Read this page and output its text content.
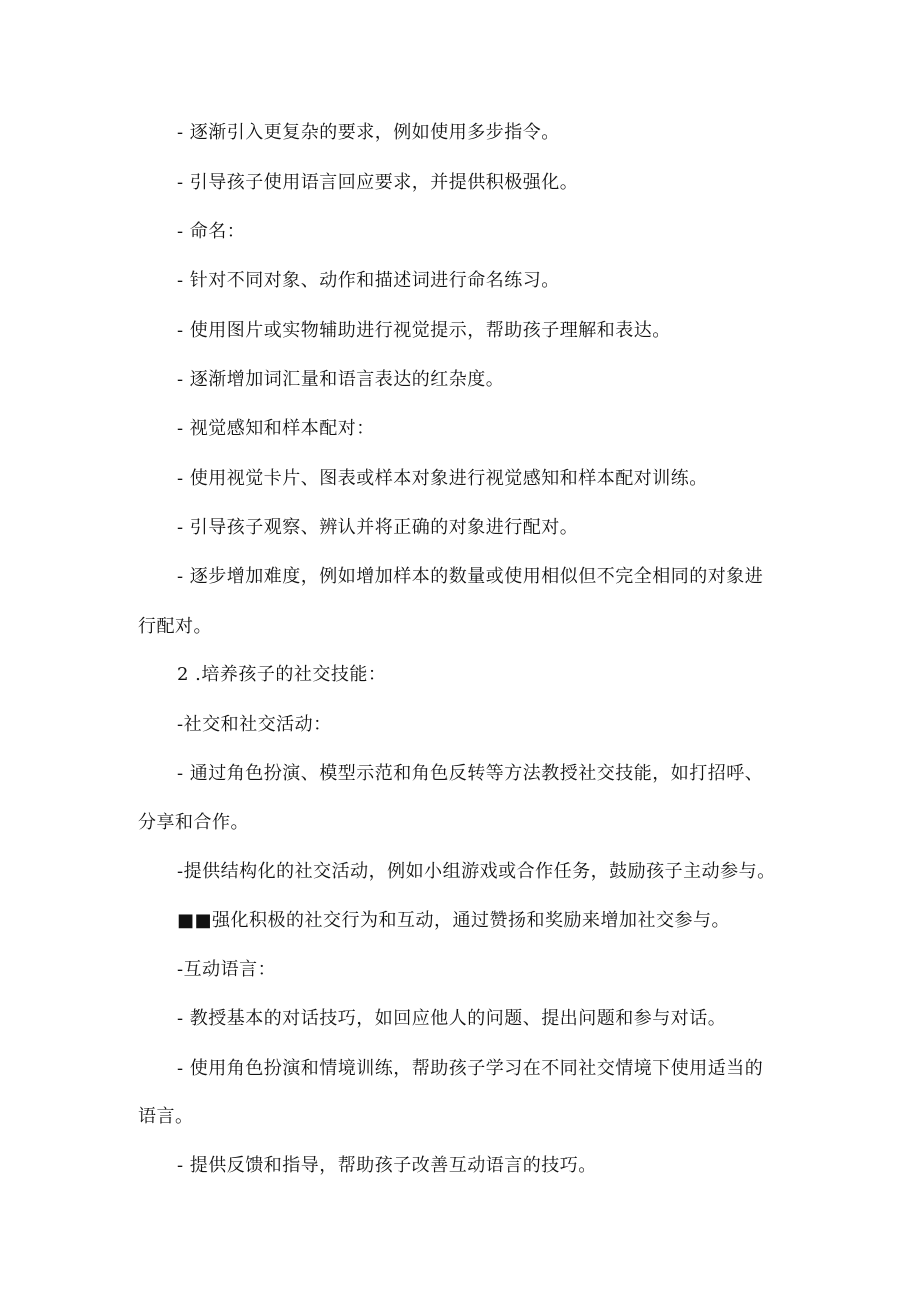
- 逐渐引入更复杂的要求，例如使用多步指令。
- 引导孩子使用语言回应要求，并提供积极强化。
- 命名：
- 针对不同对象、动作和描述词进行命名练习。
- 使用图片或实物辅助进行视觉提示，帮助孩子理解和表达。
- 逐渐增加词汇量和语言表达的红杂度。
- 视觉感知和样本配对：
- 使用视觉卡片、图表或样本对象进行视觉感知和样本配对训练。
- 引导孩子观察、辨认并将正确的对象进行配对。
- 逐步增加难度，例如增加样本的数量或使用相似但不完全相同的对象进
行配对。
2 .培养孩子的社交技能：
-社交和社交活动：
- 通过角色扮演、模型示范和角色反转等方法教授社交技能，如打招呼、
分享和合作。
-提供结构化的社交活动，例如小组游戏或合作任务，鼓励孩子主动参与。
■■强化积极的社交行为和互动，通过赞扬和奖励来增加社交参与。
-互动语言：
- 教授基本的对话技巧，如回应他人的问题、提出问题和参与对话。
- 使用角色扮演和情境训练，帮助孩子学习在不同社交情境下使用适当的
语言。
- 提供反馈和指导，帮助孩子改善互动语言的技巧。
